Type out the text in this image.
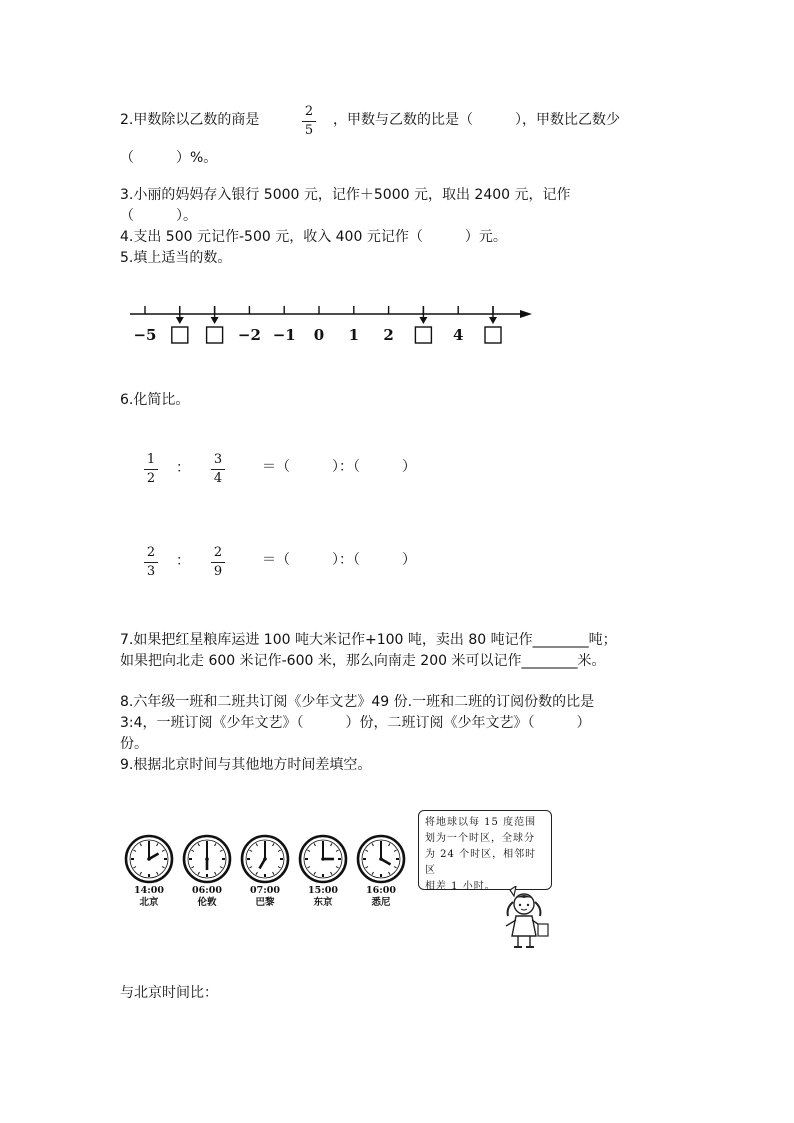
2.甲数除以乙数的商是
2
5
，甲数与乙数的比是（　　　），甲数比乙数少
（　　　）%。
3.小丽的妈妈存入银行 5000 元，记作＋5000 元，取出 2400 元，记作
（　　　）。
4.支出 500 元记作-500 元，收入 400 元记作（　　　）元。
5.填上适当的数。
−5	−2 −1 0 1 2	4
6.化简比。
1
2
：
3
4
＝（　　　）：（　　　）
2
3
：
2
9
＝（　　　）：（　　　）
7.如果把红星粮库运进 100 吨大米记作+100 吨，卖出 80 吨记作________吨；
如果把向北走 600 米记作-600 米，那么向南走 200 米可以记作________米。
8.六年级一班和二班共订阅《少年文艺》49 份.一班和二班的订阅份数的比是
3:4，一班订阅《少年文艺》（　　　）份，二班订阅《少年文艺》（　　　）
份。
9.根据北京时间与其他地方时间差填空。
14:00
北京
06:00
伦敦
07:00
巴黎
15:00
东京
16:00
悉尼
将地球以每 15 度范围
划为一个时区，全球分
为 24 个时区，相邻时区
相差 1 小时。
与北京时间比：
